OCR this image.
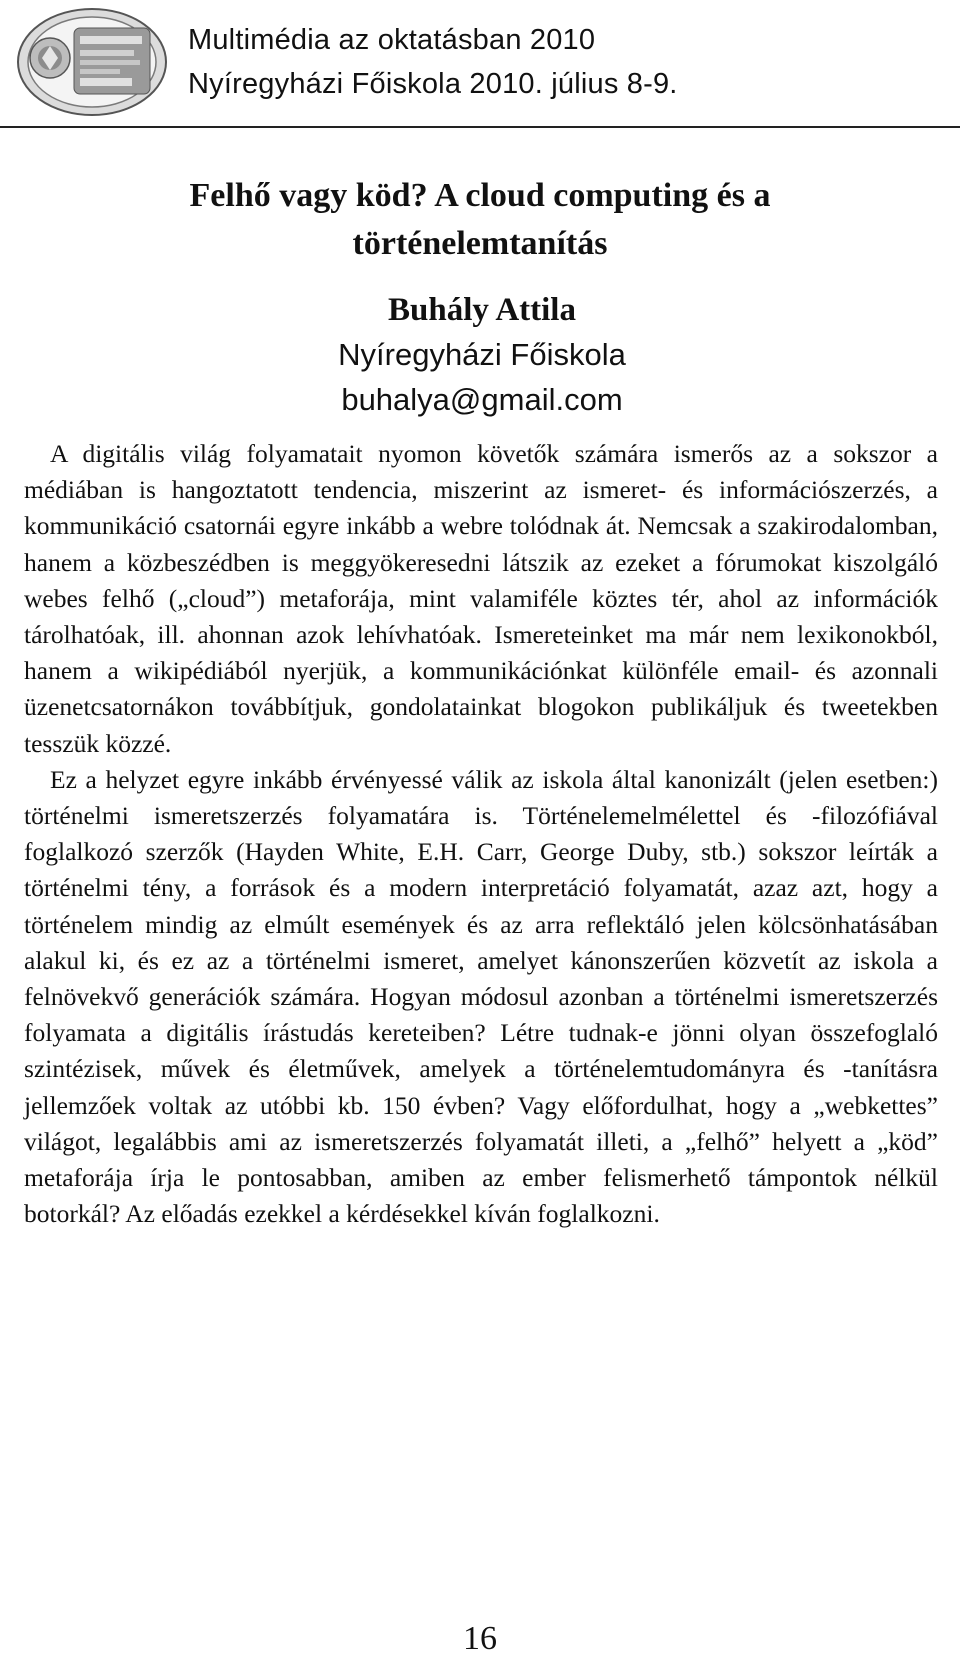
Multimédia az oktatásban 2010
Nyíregyházi Főiskola 2010. július 8-9.
Felhő vagy köd? A cloud computing és a történelemtanítás
Buhály Attila
Nyíregyházi Főiskola
buhalya@gmail.com

A digitális világ folyamatait nyomon követők számára ismerős az a sokszor a médiában is hangoztatott tendencia, miszerint az ismeret- és információszerzés, a kommunikáció csatornái egyre inkább a webre tolódnak át. Nemcsak a szakirodalomban, hanem a közbeszédben is meggyökeresedni látszik az ezeket a fórumokat kiszolgáló webes felhő („cloud”) metaforája, mint valamiféle köztes tér, ahol az információk tárolhatóak, ill. ahonnan azok lehívhatóak. Ismereteinket ma már nem lexikonokból, hanem a wikipédiából nyerjük, a kommunikációnkat különféle email- és azonnali üzenetcsatornákon továbbítjuk, gondolatainkat blogokon publikáljuk és tweetekben tesszük közzé.

Ez a helyzet egyre inkább érvényessé válik az iskola által kanonizált (jelen esetben:) történelmi ismeretszerzés folyamatára is. Történelemelmélettel és -filozófiával foglalkozó szerzők (Hayden White, E.H. Carr, George Duby, stb.) sokszor leírták a történelmi tény, a források és a modern interpretáció folyamatát, azaz azt, hogy a történelem mindig az elmúlt események és az arra reflektáló jelen kölcsönhatásában alakul ki, és ez az a történelmi ismeret, amelyet kánonszerűen közvetít az iskola a felnövekvő generációk számára. Hogyan módosul azonban a történelmi ismeretszerzés folyamata a digitális írástudás kereteiben? Létre tudnak-e jönni olyan összefoglaló szintézisek, művek és életművek, amelyek a történelemtudományra és -tanításra jellemzőek voltak az utóbbi kb. 150 évben? Vagy előfordulhat, hogy a „webkettes” világot, legalábbis ami az ismeretszerzés folyamatát illeti, a „felhő” helyett a „köd” metaforája írja le pontosabban, amiben az ember felismerhető támpontok nélkül botorkál? Az előadás ezekkel a kérdésekkel kíván foglalkozni.

16
